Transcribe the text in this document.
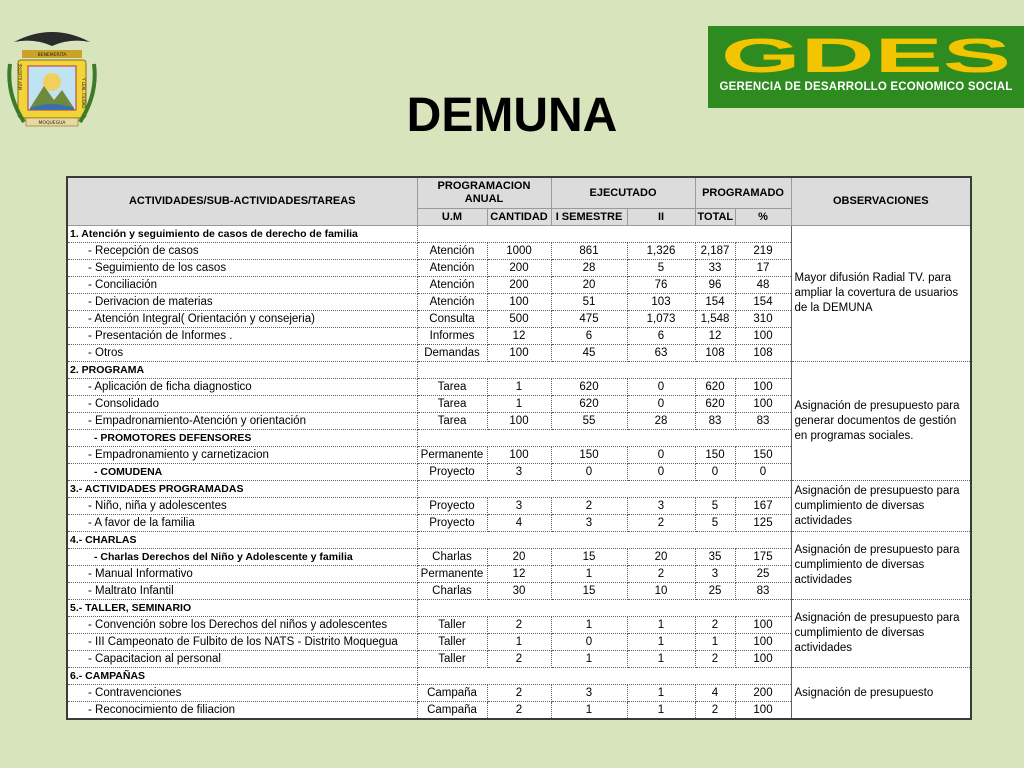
BENEMERITA
MUY ILUSTRE
Y LEAL CIUDAD
MOQUEGUA
GDES
GERENCIA DE DESARROLLO ECONOMICO SOCIAL
DEMUNA
ACTIVIDADES/SUB-ACTIVIDADES/TAREAS	PROGRAMACION ANUAL		EJECUTADO		PROGRAMADO		OBSERVACIONES
	U.M	CANTIDAD	I SEMESTRE	II	TOTAL	%	
1. Atención y seguimiento de casos de derecho de familia							Mayor difusión Radial TV. para ampliar la covertura de usuarios de la DEMUNA
- Recepción de casos	Atención	1000	861	1,326	2,187	219	
- Seguimiento de los casos	Atención	200	28	5	33	17	
- Conciliación	Atención	200	20	76	96	48	
- Derivacion de materias	Atención	100	51	103	154	154	
- Atención Integral( Orientación y consejeria)	Consulta	500	475	1,073	1,548	310	
- Presentación de Informes .	Informes	12	6	6	12	100	
- Otros	Demandas	100	45	63	108	108	
2. PROGRAMA							Asignación de presupuesto para generar documentos de gestión en programas sociales.
- Aplicación de ficha diagnostico	Tarea	1	620	0	620	100	
- Consolidado	Tarea	1	620	0	620	100	
- Empadronamiento-Atención y orientación	Tarea	100	55	28	83	83	
- PROMOTORES DEFENSORES							
- Empadronamiento y carnetizacion	Permanente	100	150	0	150	150	
- COMUDENA	Proyecto	3	0	0	0	0	
3.- ACTIVIDADES PROGRAMADAS							Asignación de presupuesto para cumplimiento de diversas actividades
- Niño, niña y adolescentes	Proyecto	3	2	3	5	167	
- A favor de la familia	Proyecto	4	3	2	5	125	
4.- CHARLAS							Asignación de presupuesto para cumplimiento de diversas actividades
- Charlas Derechos del Niño y Adolescente y familia	Charlas	20	15	20	35	175	
- Manual Informativo	Permanente	12	1	2	3	25	
- Maltrato Infantil	Charlas	30	15	10	25	83	
5.- TALLER, SEMINARIO							Asignación de presupuesto para cumplimiento de diversas actividades
- Convención sobre los Derechos del niños y adolescentes	Taller	2	1	1	2	100	
- III Campeonato de Fulbito de los NATS - Distrito Moquegua	Taller	1	0	1	1	100	
- Capacitacion al personal	Taller	2	1	1	2	100	
6.- CAMPAÑAS							Asignación de presupuesto
- Contravenciones	Campaña	2	3	1	4	200	
- Reconocimiento de filiacion	Campaña	2	1	1	2	100	
